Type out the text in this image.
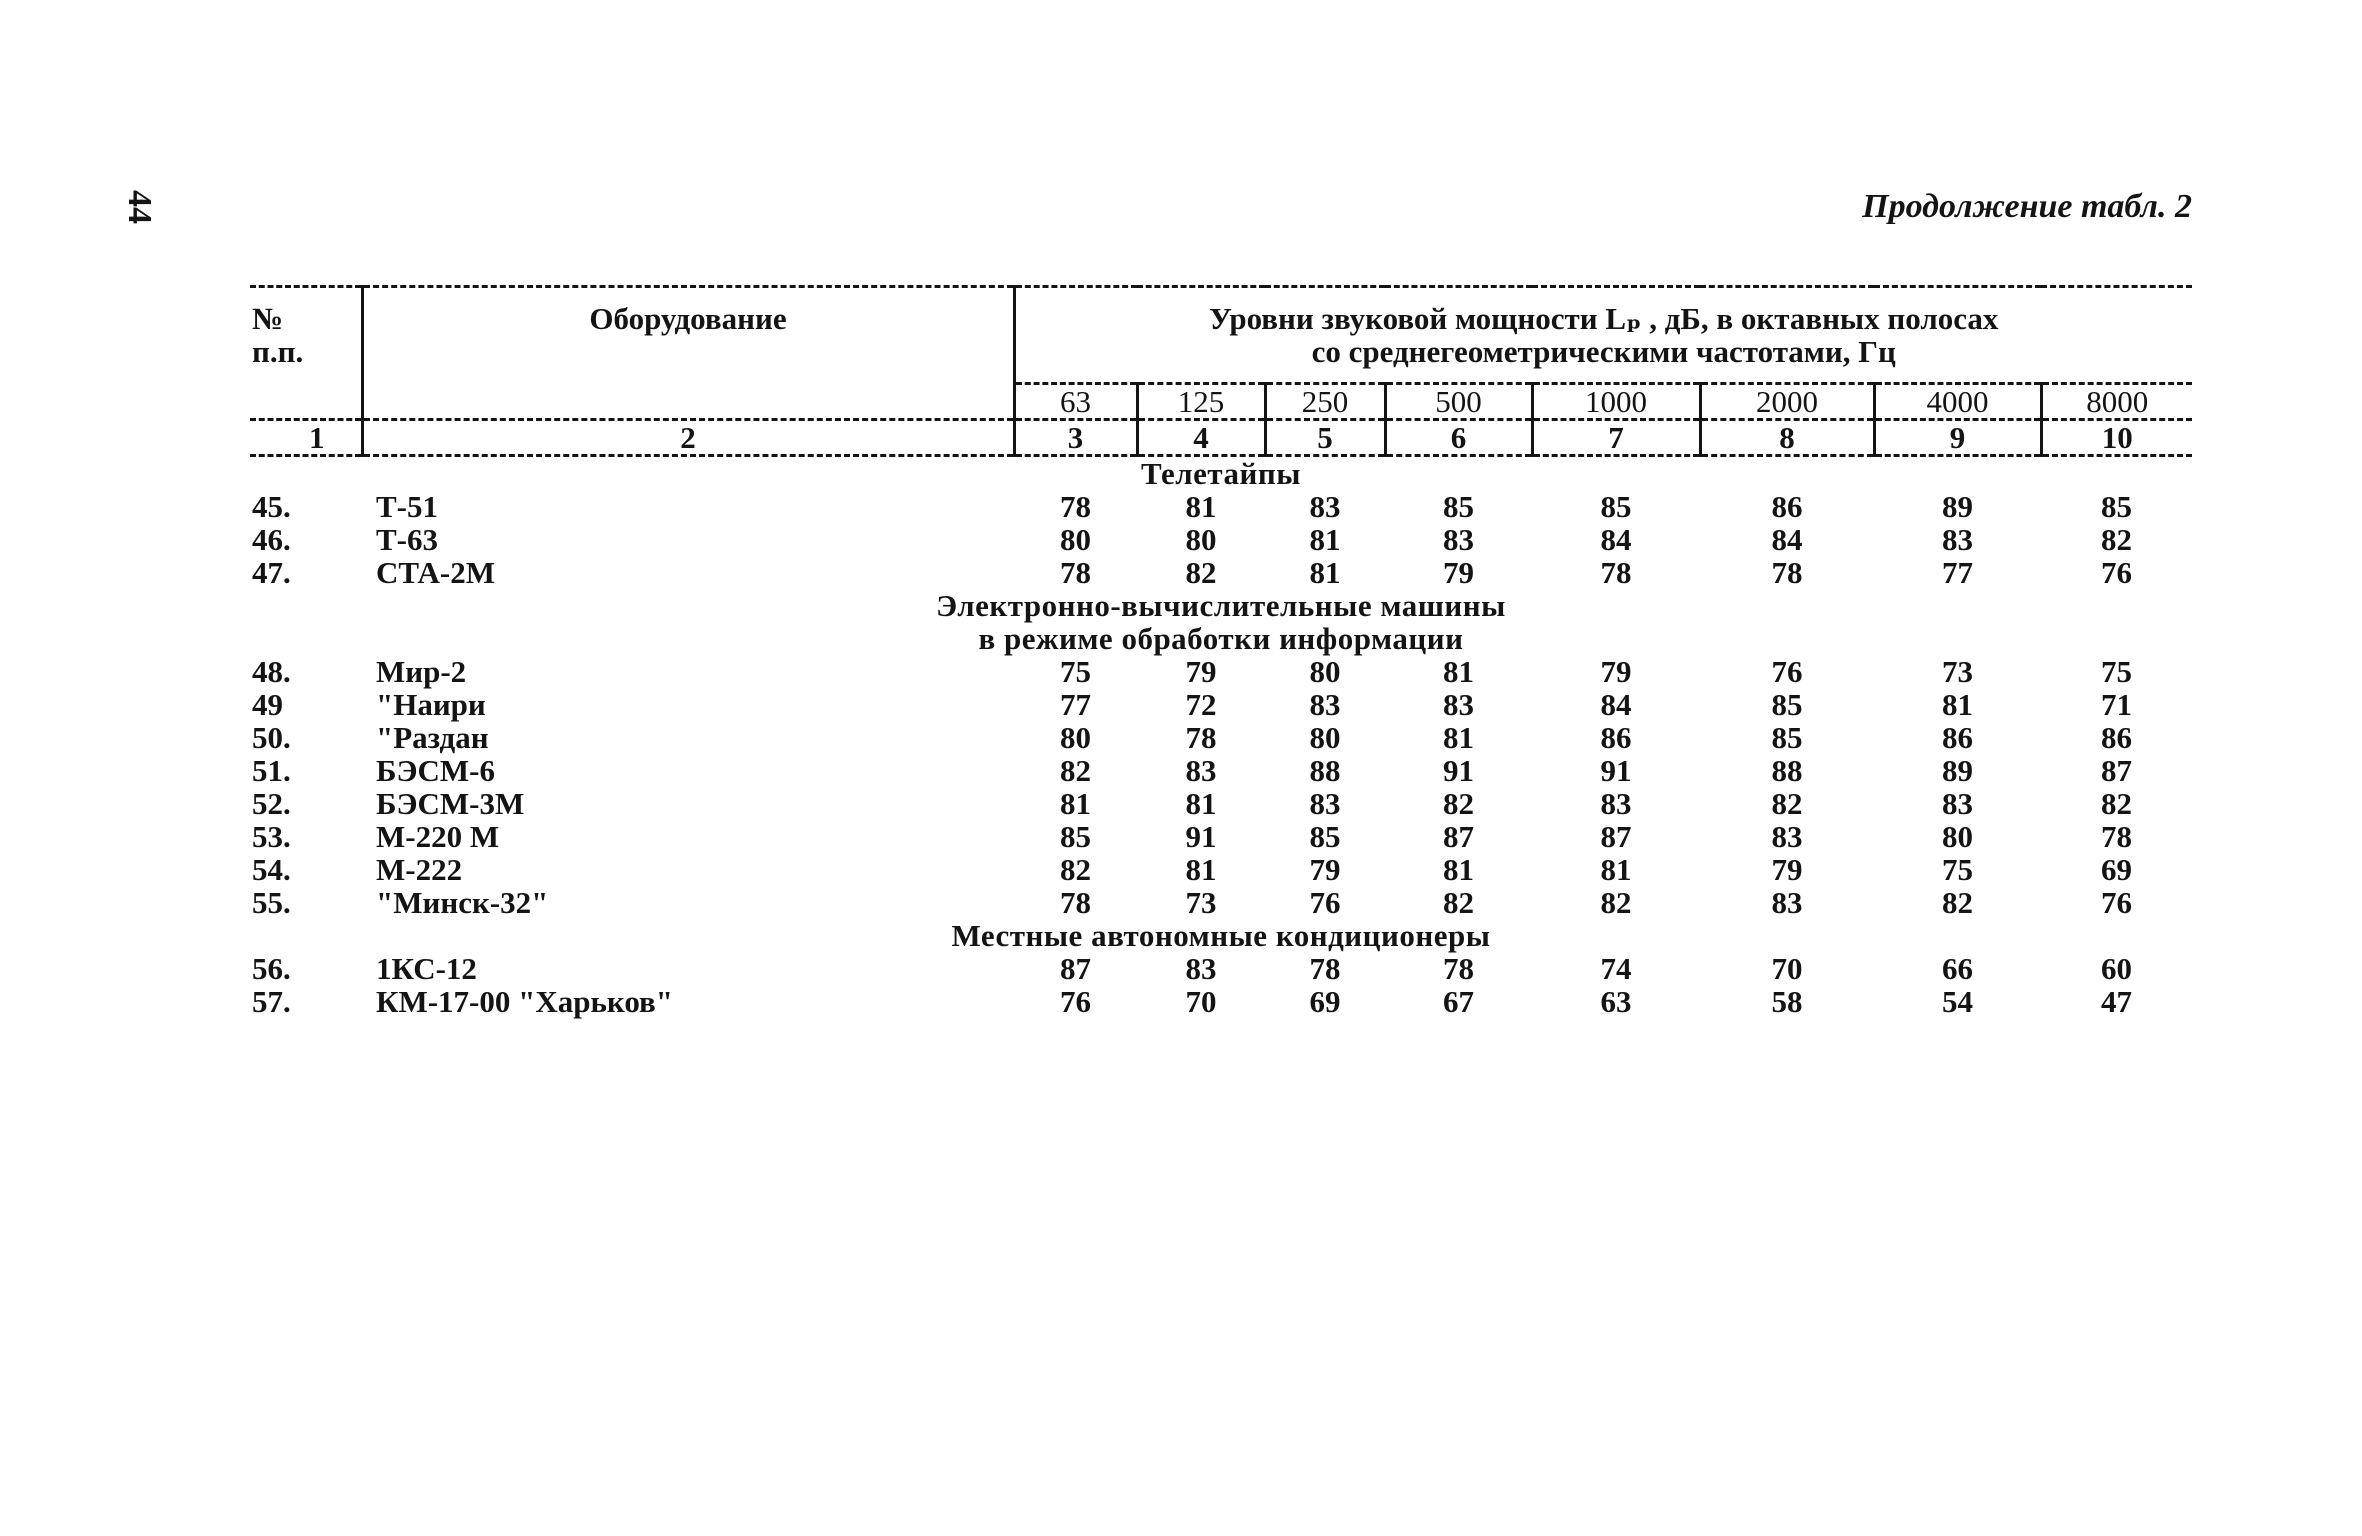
44	Продолжение табл. 2
№
п.п.	Оборудование	Уровни звуковой мощности Lₚ , дБ, в октавных полосах
со среднегеометрическими частотами, Гц							

		63	125	250	500	1000	2000	4000	8000
1	2	3	4	5	6	7	8	9	10

Телетайпы									

45.	Т-51	78	81	83	85	85	86	89	85
46.	Т-63	80	80	81	83	84	84	83	82
47.	СТА-2М	78	82	81	79	78	78	77	76

Электронно-вычислительные машины
в режиме обработки информации									

48.	Мир-2	75	79	80	81	79	76	73	75
49	"Наири	77	72	83	83	84	85	81	71
50.	"Раздан	80	78	80	81	86	85	86	86
51.	БЭСМ-6	82	83	88	91	91	88	89	87
52.	БЭСМ-3М	81	81	83	82	83	82	83	82
53.	М-220 М	85	91	85	87	87	83	80	78
54.	М-222	82	81	79	81	81	79	75	69
55.	"Минск-32"	78	73	76	82	82	83	82	76

Местные автономные кондиционеры									

56.	1КС-12	87	83	78	78	74	70	66	60
57.	КМ-17-00 "Харьков"	76	70	69	67	63	58	54	47
